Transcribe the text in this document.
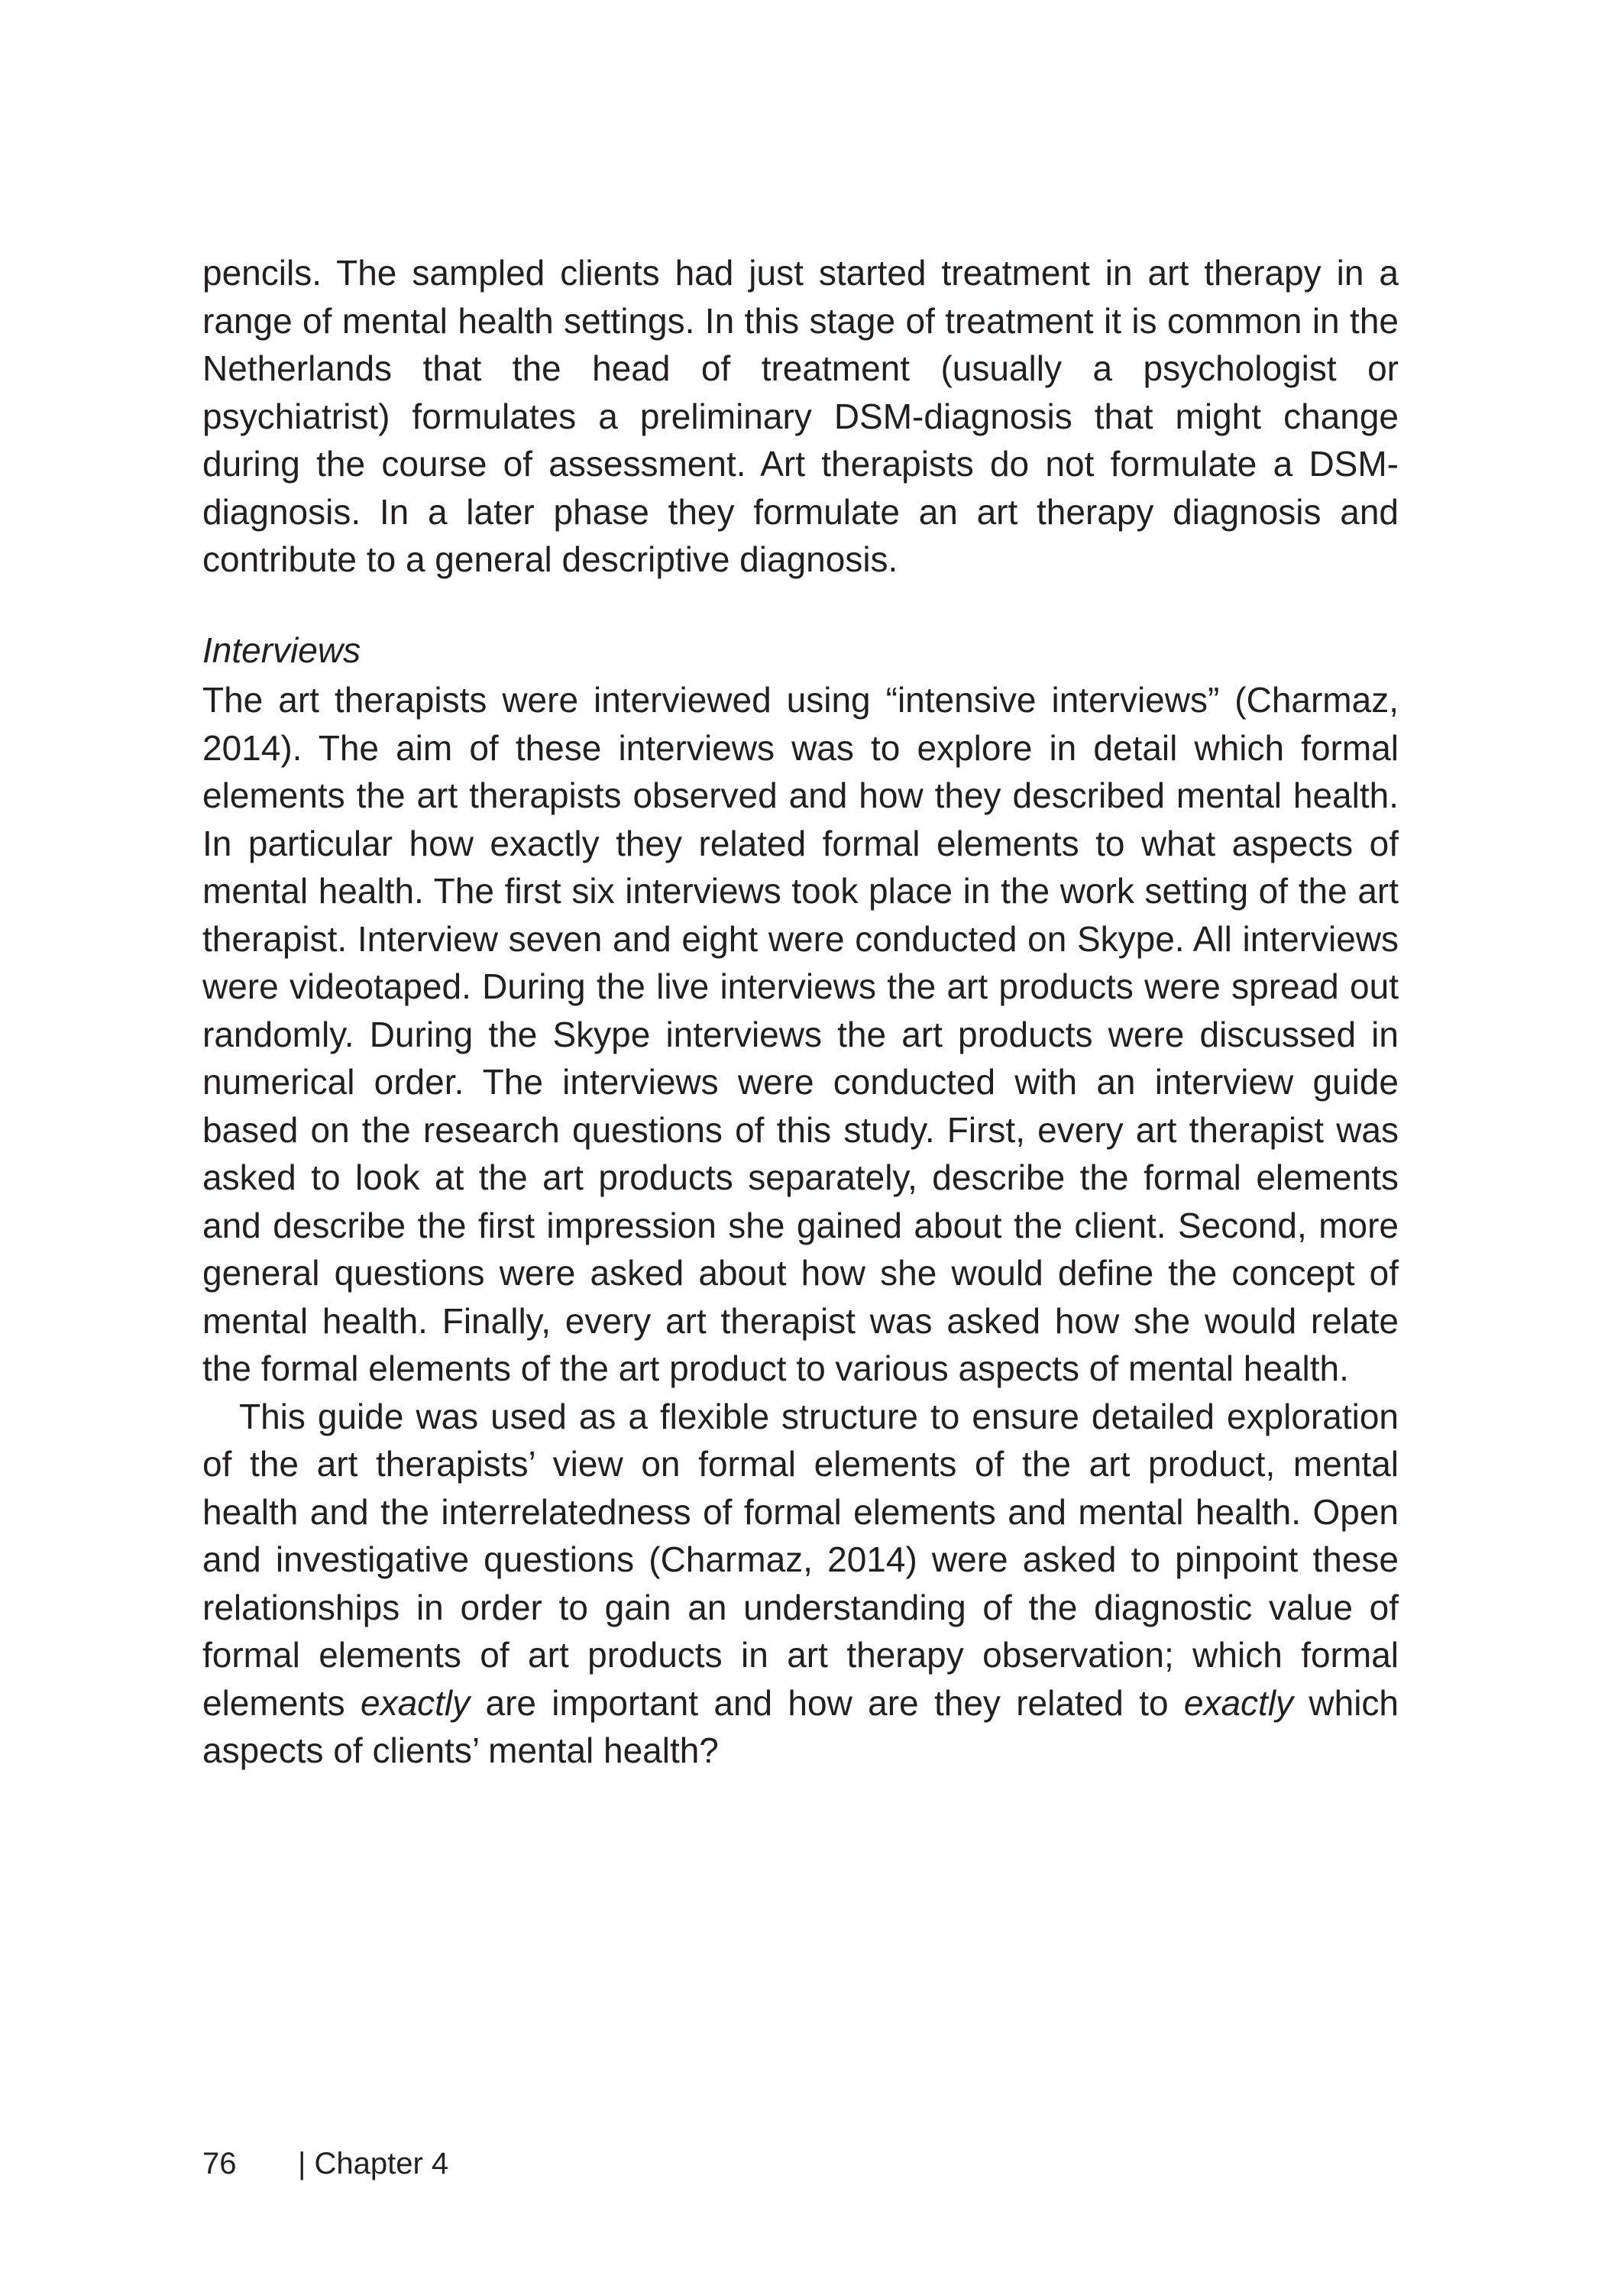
pencils. The sampled clients had just started treatment in art therapy in a range of mental health settings. In this stage of treatment it is common in the Netherlands that the head of treatment (usually a psychologist or psychiatrist) formulates a preliminary DSM-diagnosis that might change during the course of assessment. Art therapists do not formulate a DSM-diagnosis. In a later phase they formulate an art therapy diagnosis and contribute to a general descriptive diagnosis.

Interviews

The art therapists were interviewed using “intensive interviews” (Charmaz, 2014). The aim of these interviews was to explore in detail which formal elements the art therapists observed and how they described mental health. In particular how exactly they related formal elements to what aspects of mental health. The first six interviews took place in the work setting of the art therapist. Interview seven and eight were conducted on Skype. All interviews were videotaped. During the live interviews the art products were spread out randomly. During the Skype interviews the art products were discussed in numerical order. The interviews were conducted with an interview guide based on the research questions of this study. First, every art therapist was asked to look at the art products separately, describe the formal elements and describe the first impression she gained about the client. Second, more general questions were asked about how she would define the concept of mental health. Finally, every art therapist was asked how she would relate the formal elements of the art product to various aspects of mental health.

This guide was used as a flexible structure to ensure detailed exploration of the art therapists’ view on formal elements of the art product, mental health and the interrelatedness of formal elements and mental health. Open and investigative questions (Charmaz, 2014) were asked to pinpoint these relationships in order to gain an understanding of the diagnostic value of formal elements of art products in art therapy observation; which formal elements exactly are important and how are they related to exactly which aspects of clients’ mental health?

76 | Chapter 4
